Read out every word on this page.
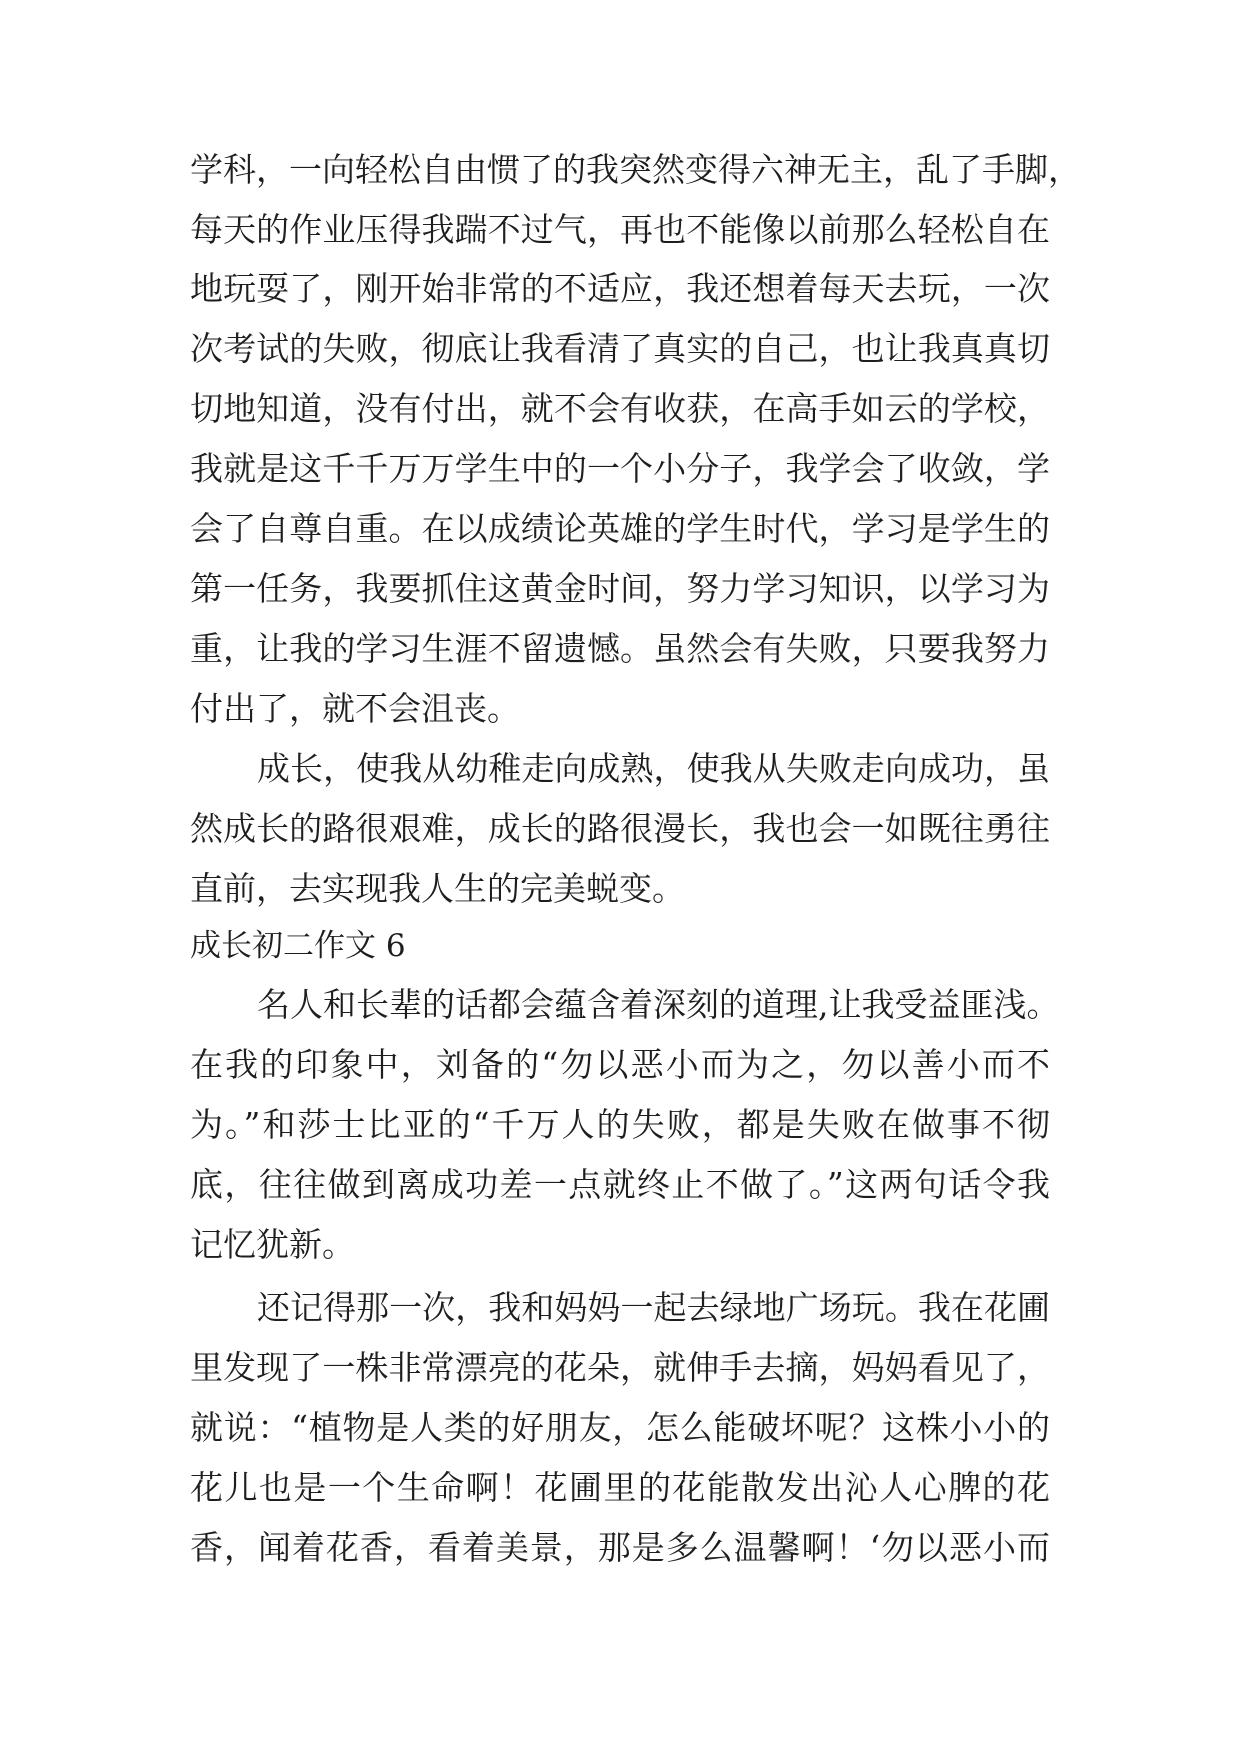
学科，一向轻松自由惯了的我突然变得六神无主，乱了手脚，
每天的作业压得我踹不过气，再也不能像以前那么轻松自在
地玩耍了，刚开始非常的不适应，我还想着每天去玩，一次
次考试的失败，彻底让我看清了真实的自己，也让我真真切
切地知道，没有付出，就不会有收获，在高手如云的学校，
我就是这千千万万学生中的一个小分子，我学会了收敛，学
会了自尊自重。在以成绩论英雄的学生时代，学习是学生的
第一任务，我要抓住这黄金时间，努力学习知识，以学习为
重，让我的学习生涯不留遗憾。虽然会有失败，只要我努力
付出了，就不会沮丧。
成长，使我从幼稚走向成熟，使我从失败走向成功，虽
然成长的路很艰难，成长的路很漫长，我也会一如既往勇往
直前，去实现我人生的完美蜕变。
成长初二作文 6
名人和长辈的话都会蕴含着深刻的道理,让我受益匪浅。
在我的印象中，刘备的“勿以恶小而为之，勿以善小而不
为。”和莎士比亚的“千万人的失败，都是失败在做事不彻
底，往往做到离成功差一点就终止不做了。”这两句话令我
记忆犹新。
还记得那一次，我和妈妈一起去绿地广场玩。我在花圃
里发现了一株非常漂亮的花朵，就伸手去摘，妈妈看见了，
就说：“植物是人类的好朋友，怎么能破坏呢？这株小小的
花儿也是一个生命啊！花圃里的花能散发出沁人心脾的花
香，闻着花香，看着美景，那是多么温馨啊！‘勿以恶小而
